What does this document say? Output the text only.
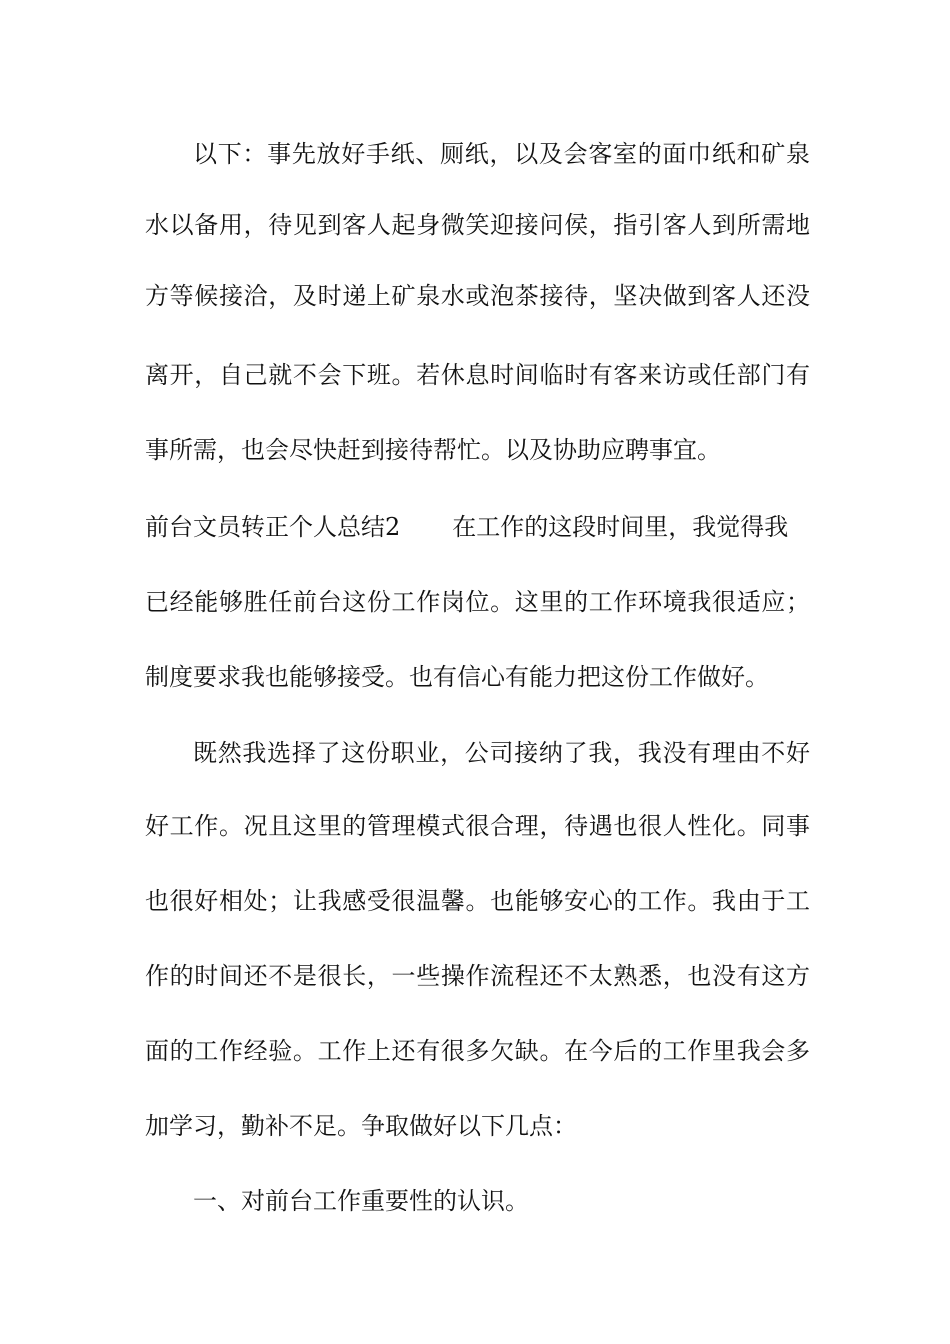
以下：事先放好手纸、厕纸，以及会客室的面巾纸和矿泉
水以备用，待见到客人起身微笑迎接问侯，指引客人到所需地
方等候接洽，及时递上矿泉水或泡茶接待，坚决做到客人还没
离开，自己就不会下班。若休息时间临时有客来访或任部门有
事所需，也会尽快赶到接待帮忙。以及协助应聘事宜。
前台文员转正个人总结2 在工作的这段时间里，我觉得我
已经能够胜任前台这份工作岗位。这里的工作环境我很适应；
制度要求我也能够接受。也有信心有能力把这份工作做好。
既然我选择了这份职业，公司接纳了我，我没有理由不好
好工作。况且这里的管理模式很合理，待遇也很人性化。同事
也很好相处；让我感受很温馨。也能够安心的工作。我由于工
作的时间还不是很长，一些操作流程还不太熟悉，也没有这方
面的工作经验。工作上还有很多欠缺。在今后的工作里我会多
加学习，勤补不足。争取做好以下几点：
一、对前台工作重要性的认识。
